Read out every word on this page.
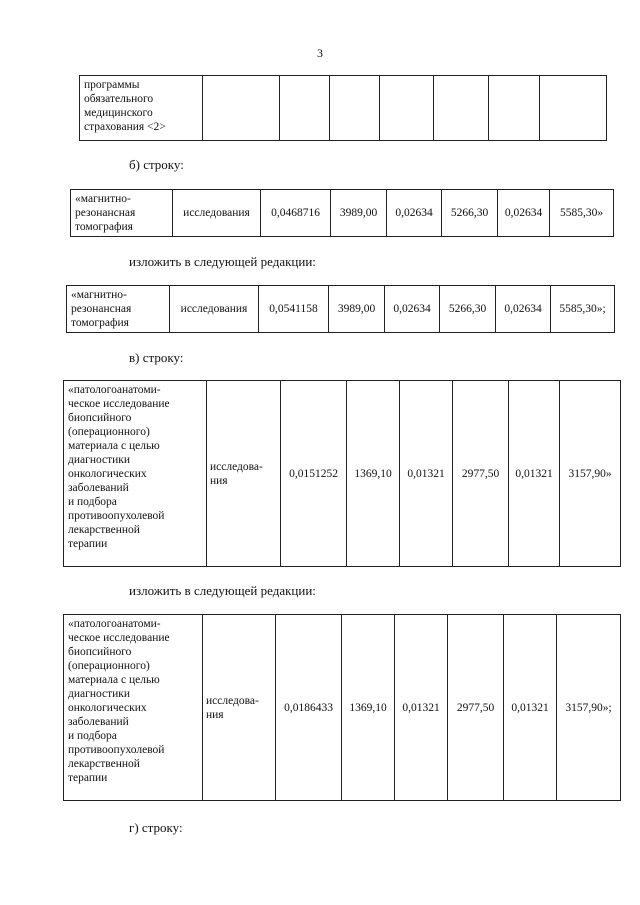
3
программы
обязательного
медицинского
страхования <2>							
б) строку:
«магнитно-
резонансная
томография	исследования	0,0468716	3989,00	0,02634	5266,30	0,02634	5585,30»
изложить в следующей редакции:
«магнитно-
резонансная
томография	исследования	0,0541158	3989,00	0,02634	5266,30	0,02634	5585,30»;
в) строку:
«патологоанатоми-
ческое исследование
биопсийного
(операционного)
материала с целью
диагностики
онкологических
заболеваний
и подбора
противоопухолевой
лекарственной
терапии	исследова-
ния	0,0151252	1369,10	0,01321	2977,50	0,01321	3157,90»
изложить в следующей редакции:
«патологоанатоми-
ческое исследование
биопсийного
(операционного)
материала с целью
диагностики
онкологических
заболеваний
и подбора
противоопухолевой
лекарственной
терапии	исследова-
ния	0,0186433	1369,10	0,01321	2977,50	0,01321	3157,90»;
г) строку:
